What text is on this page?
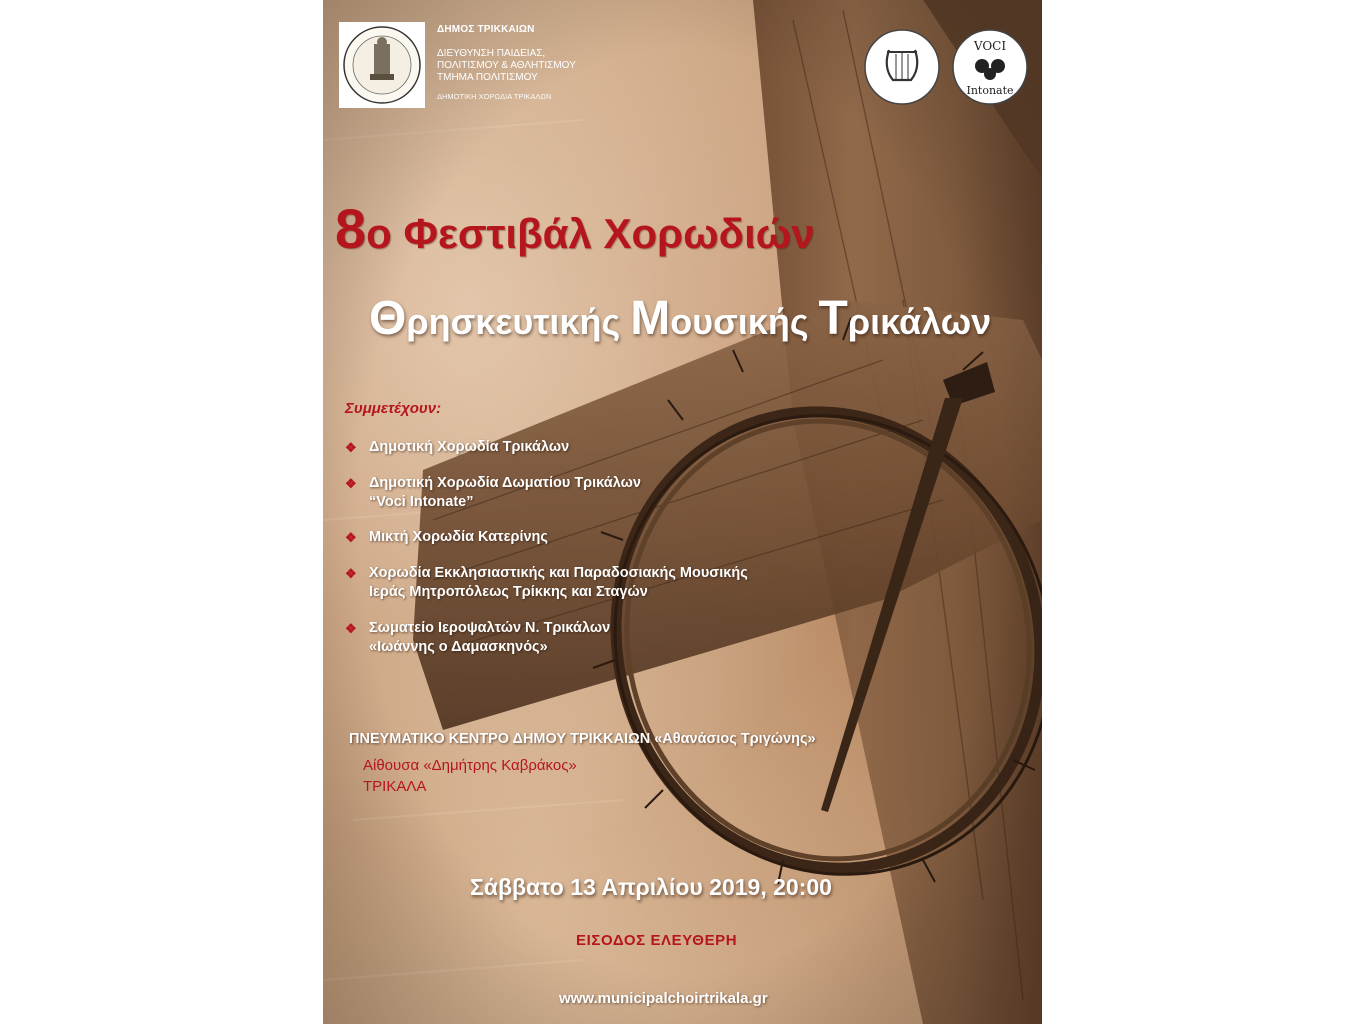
ΔΗΜΟΣ ΤΡΙΚΚΑΙΩΝ
ΔΙΕΥΘΥΝΣΗ ΠΑΙΔΕΙΑΣ,
ΠΟΛΙΤΙΣΜΟΥ & ΑΘΛΗΤΙΣΜΟΥ
ΤΜΗΜΑ ΠΟΛΙΤΙΣΜΟΥ
ΔΗΜΟΤΙΚΗ ΧΟΡΩΔΙΑ ΤΡΙΚΑΛΩΝ
VOCI
Intonate
8ο Φεστιβάλ Χορωδιών
Θρησκευτικής Μουσικής Τρικάλων
Συμμετέχουν:
❖ Δημοτική Χορωδία Τρικάλων
❖ Δημοτική Χορωδία Δωματίου Τρικάλων
“Voci Intonate”
❖ Μικτή Χορωδία Κατερίνης
❖ Χορωδία Εκκλησιαστικής και Παραδοσιακής Μουσικής
Ιεράς Μητροπόλεως Τρίκκης και Σταγών
❖ Σωματείο Ιεροψαλτών Ν. Τρικάλων
«Ιωάννης ο Δαμασκηνός»
ΠΝΕΥΜΑΤΙΚΟ ΚΕΝΤΡΟ ΔΗΜΟΥ ΤΡΙΚΚΑΙΩΝ «Αθανάσιος Τριγώνης»
Αίθουσα «Δημήτρης Καβράκος»
ΤΡΙΚΑΛΑ
Σάββατο 13 Απριλίου 2019, 20:00
ΕΙΣΟΔΟΣ ΕΛΕΥΘΕΡΗ
www.municipalchoirtrikala.gr
